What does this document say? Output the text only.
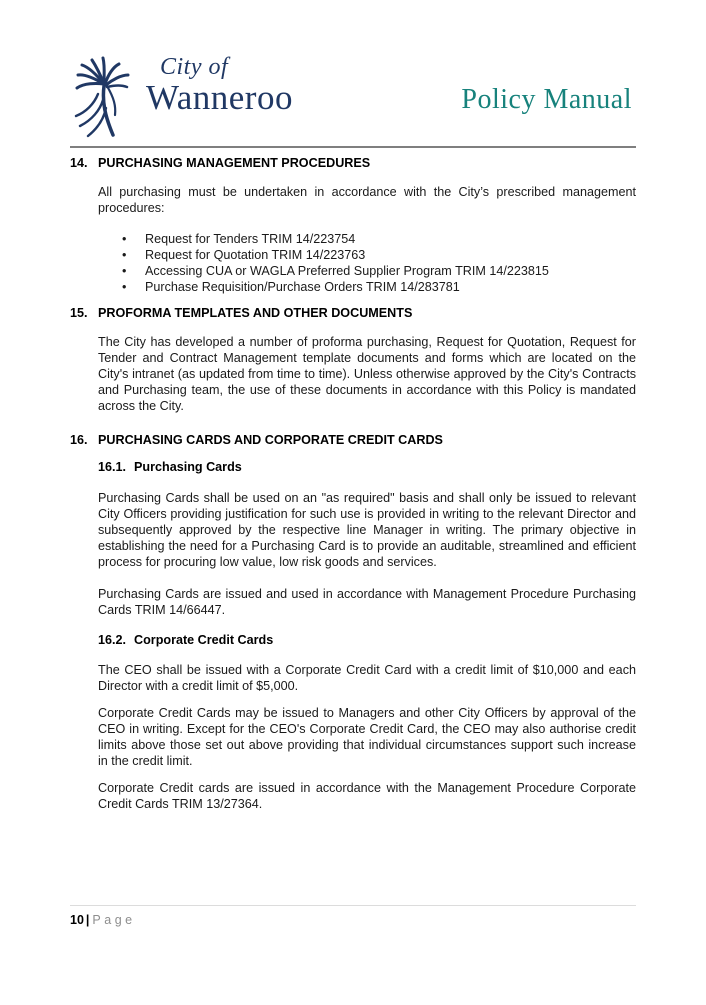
City of
Wanneroo	Policy Manual
14. PURCHASING MANAGEMENT PROCEDURES

All purchasing must be undertaken in accordance with the City’s prescribed management procedures:

• Request for Tenders TRIM 14/223754
• Request for Quotation TRIM 14/223763
• Accessing CUA or WAGLA Preferred Supplier Program TRIM 14/223815
• Purchase Requisition/Purchase Orders TRIM 14/283781
15. PROFORMA TEMPLATES AND OTHER DOCUMENTS

The City has developed a number of proforma purchasing, Request for Quotation, Request for Tender and Contract Management template documents and forms which are located on the City's intranet (as updated from time to time). Unless otherwise approved by the City's Contracts and Purchasing team, the use of these documents in accordance with this Policy is mandated across the City.

16. PURCHASING CARDS AND CORPORATE CREDIT CARDS
16.1. Purchasing Cards

Purchasing Cards shall be used on an "as required" basis and shall only be issued to relevant City Officers providing justification for such use is provided in writing to the relevant Director and subsequently approved by the respective line Manager in writing. The primary objective in establishing the need for a Purchasing Card is to provide an auditable, streamlined and efficient process for procuring low value, low risk goods and services.

Purchasing Cards are issued and used in accordance with Management Procedure Purchasing Cards TRIM 14/66447.

16.2. Corporate Credit Cards

The CEO shall be issued with a Corporate Credit Card with a credit limit of $10,000 and each Director with a credit limit of $5,000.

Corporate Credit Cards may be issued to Managers and other City Officers by approval of the CEO in writing. Except for the CEO's Corporate Credit Card, the CEO may also authorise credit limits above those set out above providing that individual circumstances support such increase in the credit limit.

Corporate Credit cards are issued in accordance with the Management Procedure Corporate Credit Cards TRIM 13/27364.

10 | Page
